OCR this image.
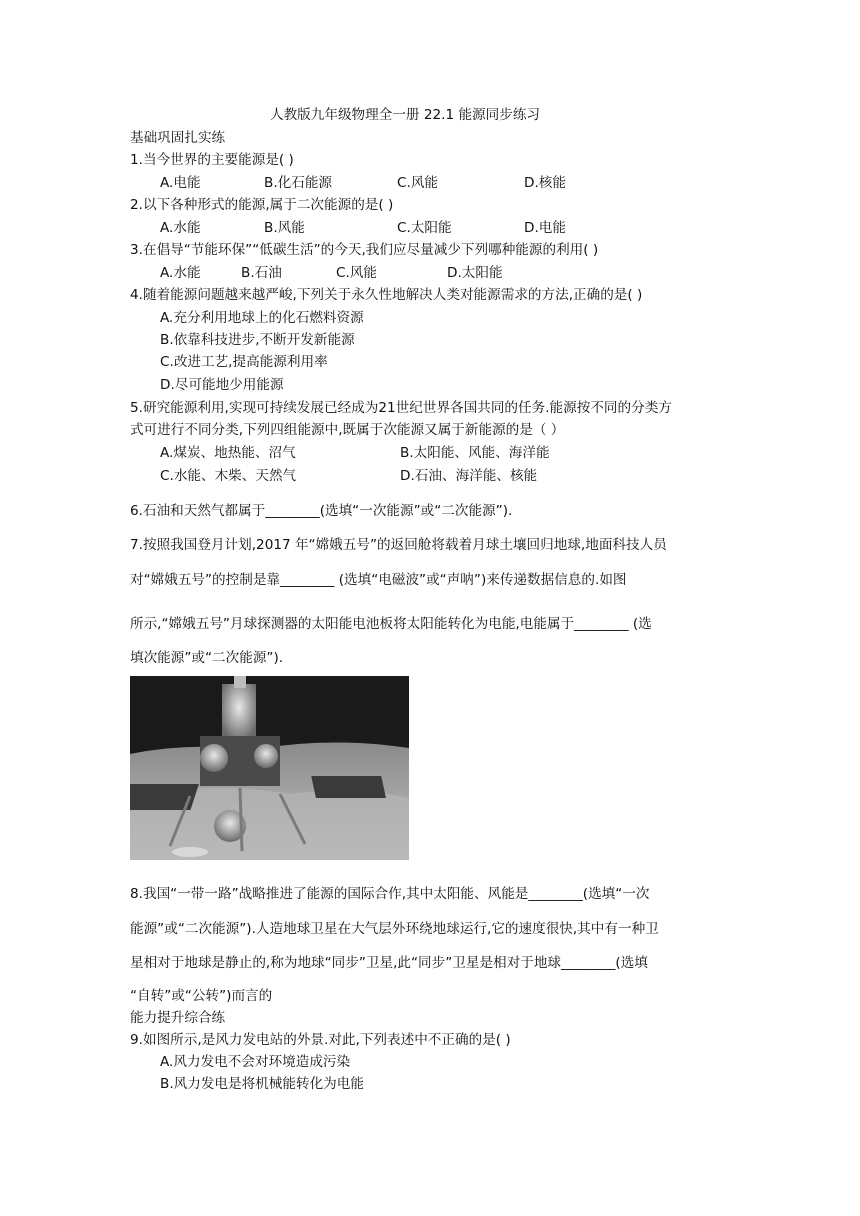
人教版九年级物理全一册 22.1 能源同步练习
基础巩固扎实练
1.当今世界的主要能源是( )
A.电能	B.化石能源	C.风能	D.核能
2.以下各种形式的能源,属于二次能源的是( )
A.水能	B.风能	C.太阳能	D.电能
3.在倡导“节能环保”“低碳生活”的今天,我们应尽量减少下列哪种能源的利用( )
A.水能	B.石油	C.风能	D.太阳能
4.随着能源问题越来越严峻,下列关于永久性地解决人类对能源需求的方法,正确的是( )
A.充分利用地球上的化石燃料资源
B.依靠科技进步,不断开发新能源
C.改进工艺,提高能源利用率
D.尽可能地少用能源
5.研究能源利用,实现可持续发展已经成为21世纪世界各国共同的任务.能源按不同的分类方
式可进行不同分类,下列四组能源中,既属于次能源又属于新能源的是（ ）
A.煤炭、地热能、沼气	B.太阳能、风能、海洋能
C.水能、木柴、天然气	D.石油、海洋能、核能
6.石油和天然气都属于________(选填“一次能源”或“二次能源”).
7.按照我国登月计划,2017 年“嫦娥五号”的返回舱将载着月球土壤回归地球,地面科技人员
对“嫦娥五号”的控制是靠________ (选填“电磁波”或“声呐”)来传递数据信息的.如图
所示,“嫦娥五号”月球探测器的太阳能电池板将太阳能转化为电能,电能属于________ (选
填次能源”或“二次能源”).
8.我国“一带一路”战略推进了能源的国际合作,其中太阳能、风能是________(选填“一次
能源”或“二次能源”).人造地球卫星在大气层外环绕地球运行,它的速度很快,其中有一种卫
星相对于地球是静止的,称为地球“同步”卫星,此“同步”卫星是相对于地球________(选填
“自转”或“公转”)而言的
能力提升综合练
9.如图所示,是风力发电站的外景.对此,下列表述中不正确的是( )
A.风力发电不会对环境造成污染
B.风力发电是将机械能转化为电能
